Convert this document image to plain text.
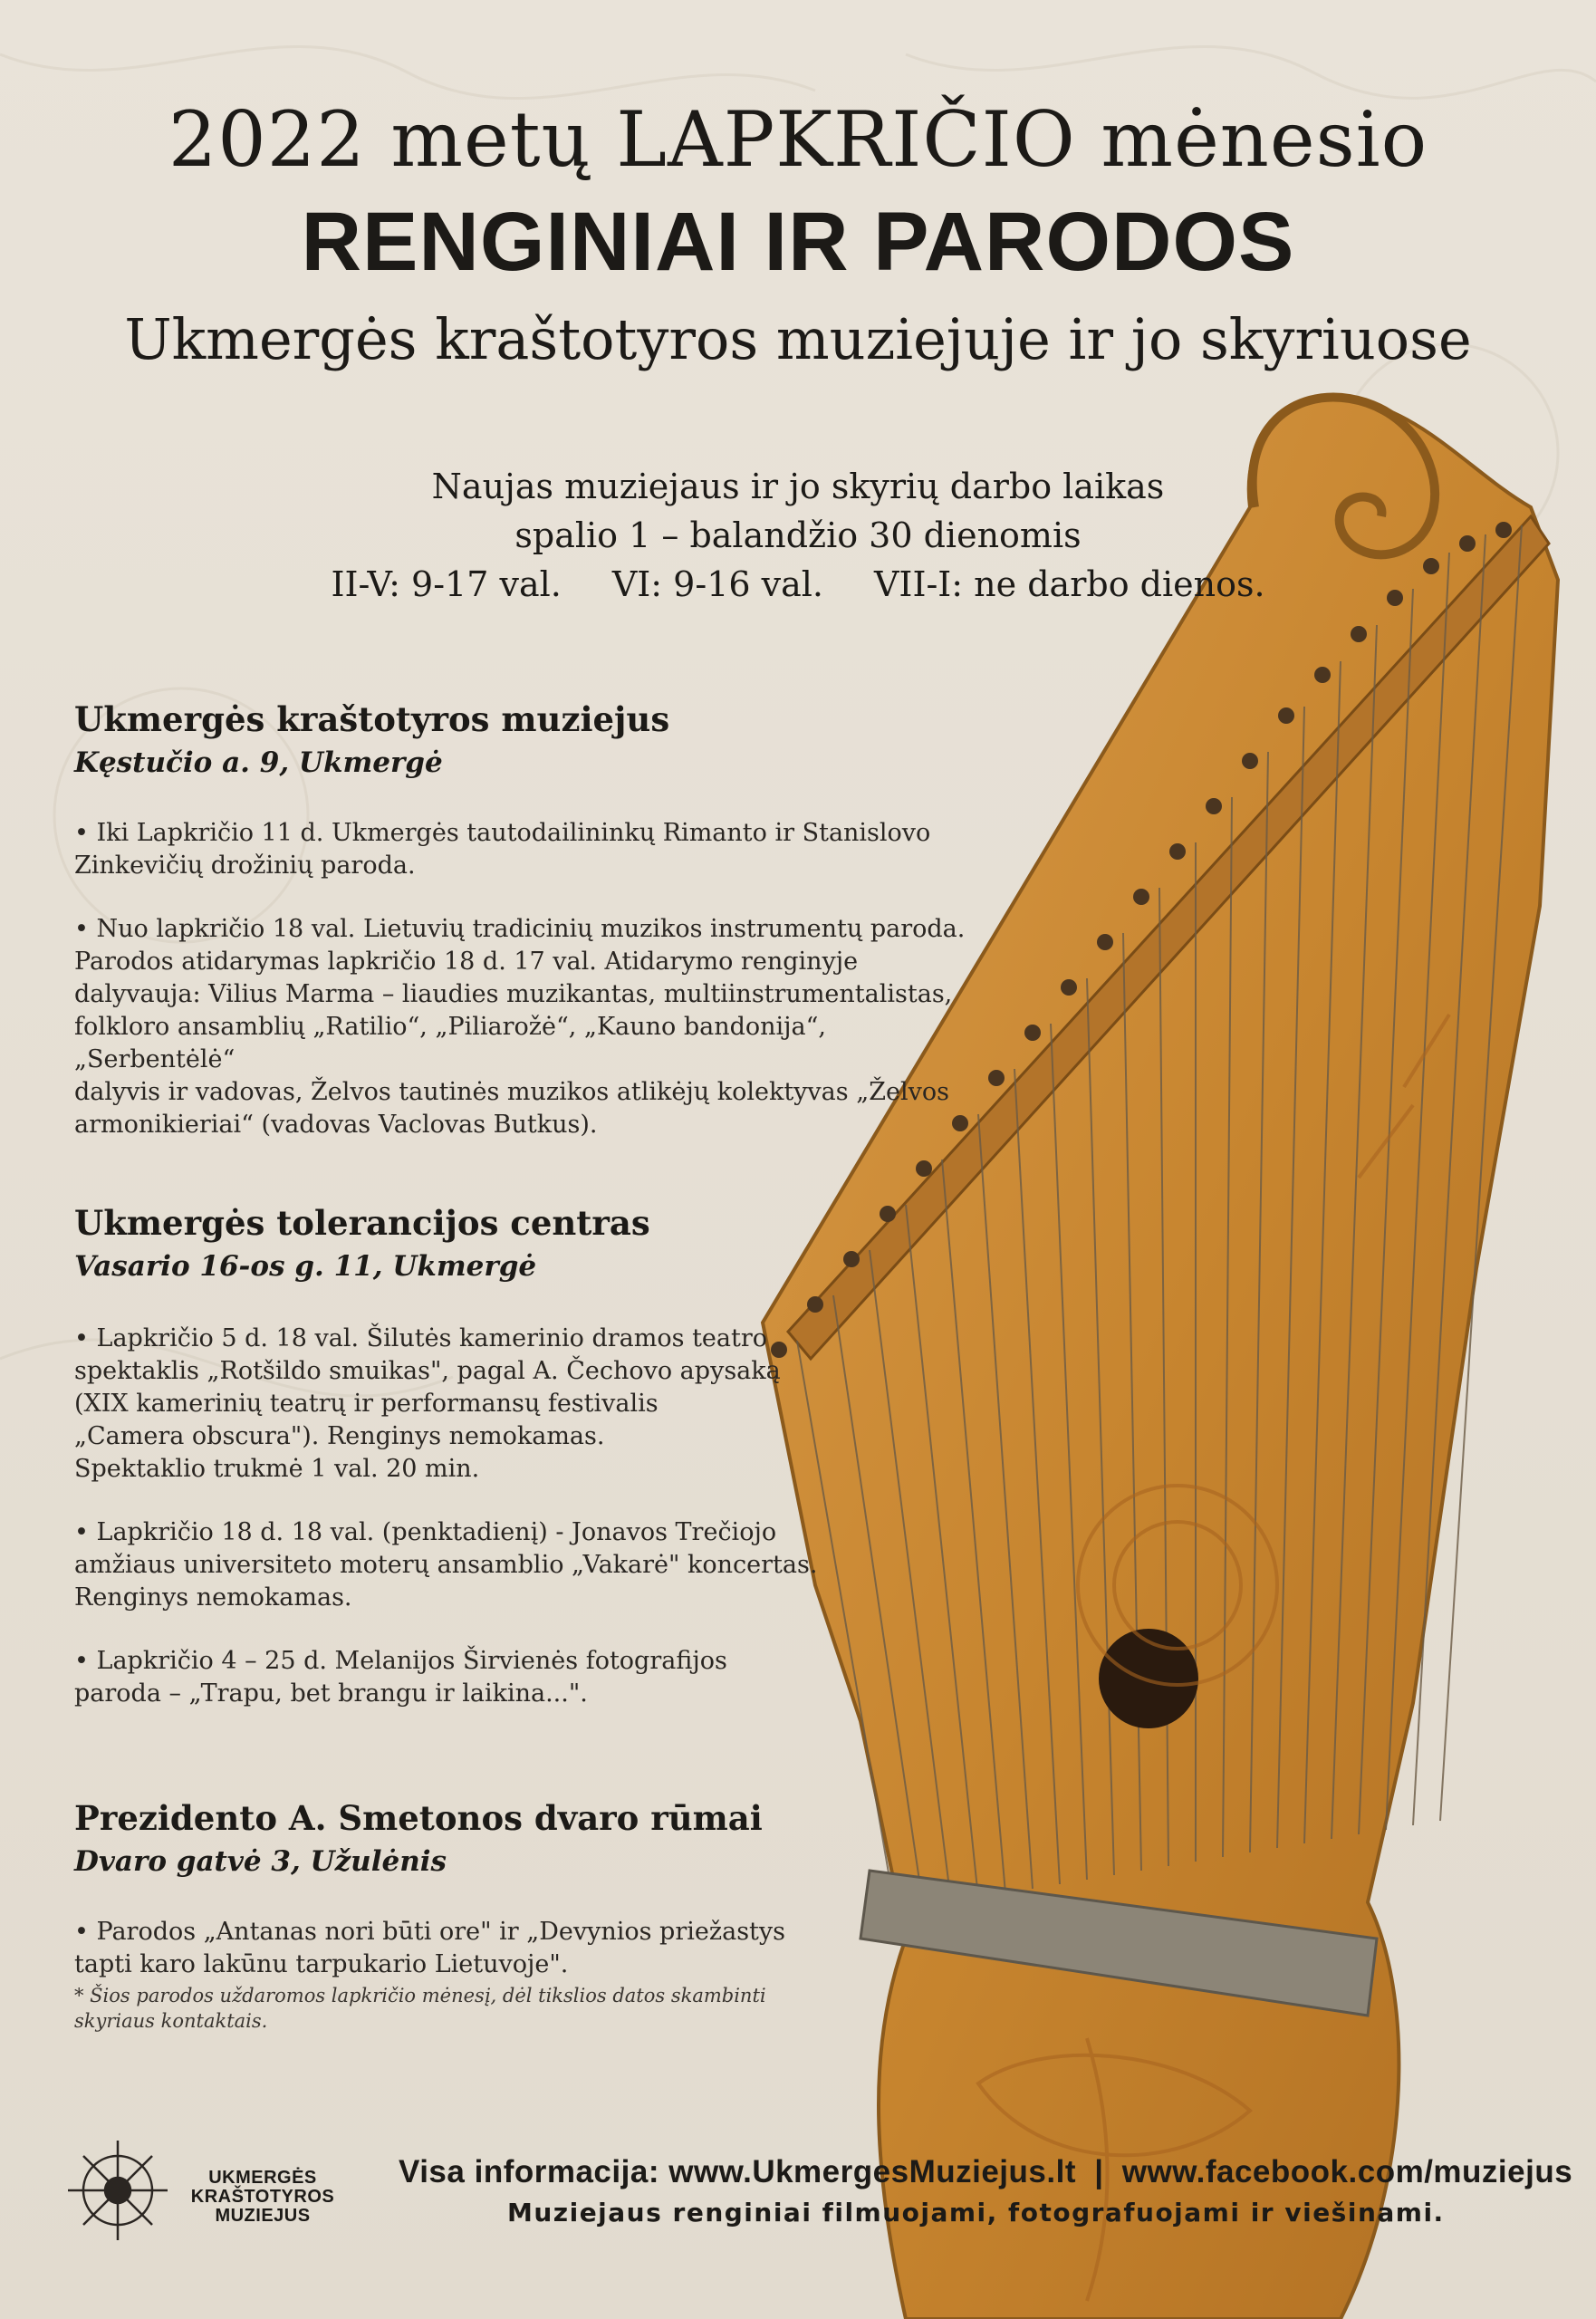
2022 metų LAPKRIČIO mėnesio
RENGINIAI IR PARODOS
Ukmergės kraštotyros muziejuje ir jo skyriuose
Naujas muziejaus ir jo skyrių darbo laikas
spalio 1 – balandžio 30 dienomis
II-V: 9-17 val. VI: 9-16 val. VII-I: ne darbo dienos.
Ukmergės kraštotyros muziejus
Kęstučio a. 9, Ukmergė
• Iki Lapkričio 11 d. Ukmergės tautodailininkų Rimanto ir Stanislovo
Zinkevičių drožinių paroda.
• Nuo lapkričio 18 val. Lietuvių tradicinių muzikos instrumentų paroda.
Parodos atidarymas lapkričio 18 d. 17 val. Atidarymo renginyje
dalyvauja: Vilius Marma – liaudies muzikantas, multiinstrumentalistas,
folkloro ansamblių „Ratilio“, „Piliarožė“, „Kauno bandonija“, „Serbentėlė“
dalyvis ir vadovas, Želvos tautinės muzikos atlikėjų kolektyvas „Želvos
armonikieriai“ (vadovas Vaclovas Butkus).
Ukmergės tolerancijos centras
Vasario 16-os g. 11, Ukmergė
• Lapkričio 5 d. 18 val. Šilutės kamerinio dramos teatro
spektaklis „Rotšildo smuikas", pagal A. Čechovo apysaką
(XIX kamerinių teatrų ir performansų festivalis
„Camera obscura"). Renginys nemokamas.
Spektaklio trukmė 1 val. 20 min.
• Lapkričio 18 d. 18 val. (penktadienį) - Jonavos Trečiojo
amžiaus universiteto moterų ansamblio „Vakarė" koncertas.
Renginys nemokamas.
• Lapkričio 4 – 25 d. Melanijos Širvienės fotografijos
paroda – „Trapu, bet brangu ir laikina...".
Prezidento A. Smetonos dvaro rūmai
Dvaro gatvė 3, Užulėnis
• Parodos „Antanas nori būti ore" ir „Devynios priežastys
tapti karo lakūnu tarpukario Lietuvoje".
* Šios parodos uždaromos lapkričio mėnesį, dėl tikslios datos skambinti
skyriaus kontaktais.
UKMERGĖS
KRAŠTOTYROS
MUZIEJUS
Visa informacija: www.UkmergesMuziejus.lt | www.facebook.com/muziejus
Muziejaus renginiai filmuojami, fotografuojami ir viešinami.
